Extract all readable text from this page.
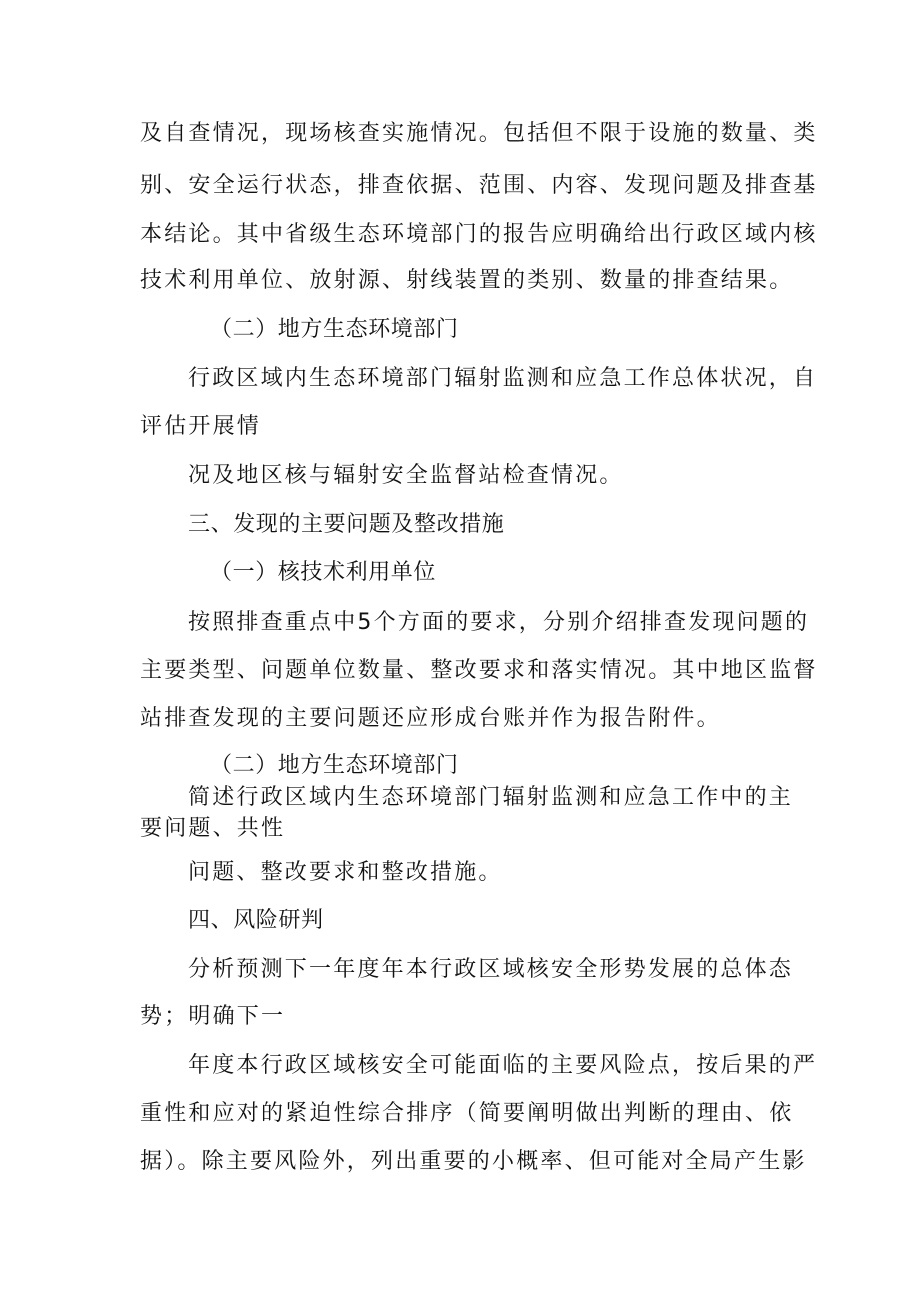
及自查情况，现场核查实施情况。包括但不限于设施的数量、类
别、安全运行状态，排查依据、范围、内容、发现问题及排查基
本结论。其中省级生态环境部门的报告应明确给出行政区域内核
技术利用单位、放射源、射线装置的类别、数量的排查结果。
（二）地方生态环境部门
行政区域内生态环境部门辐射监测和应急工作总体状况，自
评估开展情
况及地区核与辐射安全监督站检查情况。
三、发现的主要问题及整改措施
（一）核技术利用单位
按照排查重点中5个方面的要求，分别介绍排查发现问题的
主要类型、问题单位数量、整改要求和落实情况。其中地区监督
站排查发现的主要问题还应形成台账并作为报告附件。
（二）地方生态环境部门
简述行政区域内生态环境部门辐射监测和应急工作中的主
要问题、共性
问题、整改要求和整改措施。
四、风险研判
分析预测下一年度年本行政区域核安全形势发展的总体态
势；明确下一
年度本行政区域核安全可能面临的主要风险点，按后果的严
重性和应对的紧迫性综合排序（简要阐明做出判断的理由、依
据）。除主要风险外，列出重要的小概率、但可能对全局产生影
